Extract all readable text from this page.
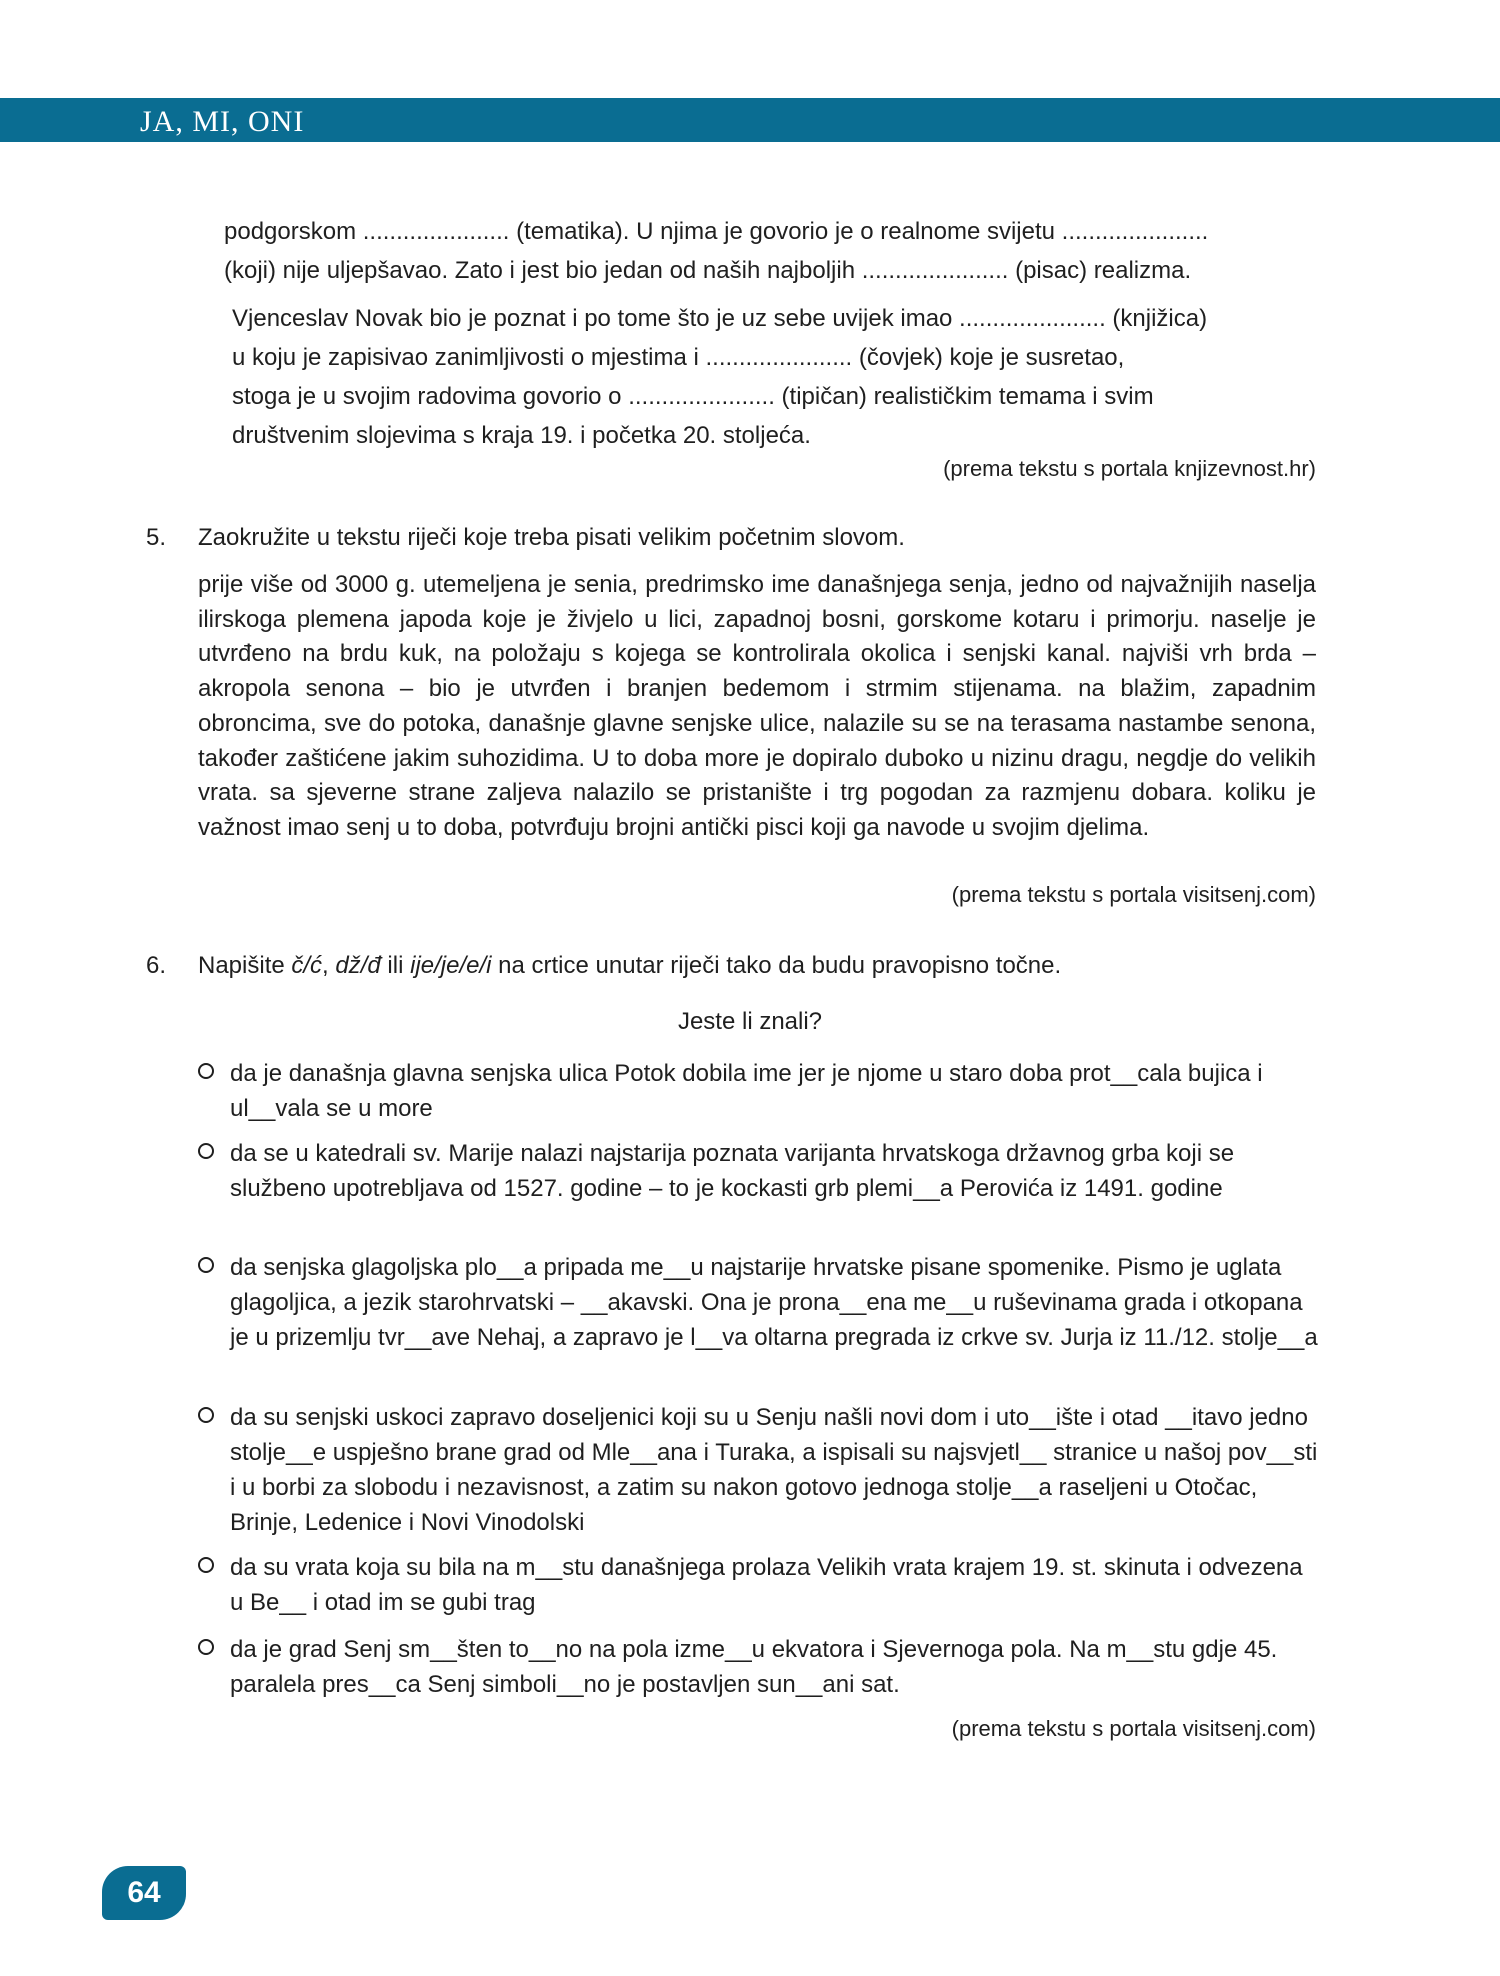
JA, MI, ONI
podgorskom ...................... (tematika). U njima je govorio je o realnome svijetu ......................
(koji) nije uljepšavao. Zato i jest bio jedan od naših najboljih ...................... (pisac) realizma.
Vjenceslav Novak bio je poznat i po tome što je uz sebe uvijek imao ...................... (knjižica)
u koju je zapisivao zanimljivosti o mjestima i ...................... (čovjek) koje je susretao,
stoga je u svojim radovima govorio o ...................... (tipičan) realističkim temama i svim
društvenim slojevima s kraja 19. i početka 20. stoljeća.
(prema tekstu s portala knjizevnost.hr)
5. Zaokružite u tekstu riječi koje treba pisati velikim početnim slovom.

prije više od 3000 g. utemeljena je senia, predrimsko ime današnjega senja, jedno od najvažnijih naselja ilirskoga plemena japoda koje je živjelo u lici, zapadnoj bosni, gorskome kotaru i primorju. naselje je utvrđeno na brdu kuk, na položaju s kojega se kontrolirala okolica i senjski kanal. najviši vrh brda – akropola senona – bio je utvrđen i branjen bedemom i strmim stijenama. na blažim, zapadnim obroncima, sve do potoka, današnje glavne senjske ulice, nalazile su se na terasama nastambe senona, također zaštićene jakim suhozidima. U to doba more je dopiralo duboko u nizinu dragu, negdje do velikih vrata. sa sjeverne strane zaljeva nalazilo se pristanište i trg pogodan za razmjenu dobara. koliku je važnost imao senj u to doba, potvrđuju brojni antički pisci koji ga navode u svojim djelima.

(prema tekstu s portala visitsenj.com)
6. Napišite č/ć, dž/đ ili ije/je/e/i na crtice unutar riječi tako da budu pravopisno točne.
Jeste li znali?
da je današnja glavna senjska ulica Potok dobila ime jer je njome u staro doba prot__cala bujica i ul__vala se u more
da se u katedrali sv. Marije nalazi najstarija poznata varijanta hrvatskoga državnog grba koji se službeno upotrebljava od 1527. godine – to je kockasti grb plemi__a Perovića iz 1491. godine
da senjska glagoljska plo__a pripada me__u najstarije hrvatske pisane spomenike. Pismo je uglata glagoljica, a jezik starohrvatski – __akavski. Ona je prona__ena me__u ruševinama grada i otkopana je u prizemlju tvr__ave Nehaj, a zapravo je l__va oltarna pregrada iz crkve sv. Jurja iz 11./12. stolje__a
da su senjski uskoci zapravo doseljenici koji su u Senju našli novi dom i uto__ište i otad __itavo jedno stolje__e uspješno brane grad od Mle__ana i Turaka, a ispisali su najsvjetl__ stranice u našoj pov__sti i u borbi za slobodu i nezavisnost, a zatim su nakon gotovo jednoga stolje__a raseljeni u Otočac, Brinje, Ledenice i Novi Vinodolski
da su vrata koja su bila na m__stu današnjega prolaza Velikih vrata krajem 19. st. skinuta i odvezena u Be__ i otad im se gubi trag
da je grad Senj sm__šten to__no na pola izme__u ekvatora i Sjevernoga pola. Na m__stu gdje 45. paralela pres__ca Senj simboli__no je postavljen sun__ani sat.
(prema tekstu s portala visitsenj.com)
64
